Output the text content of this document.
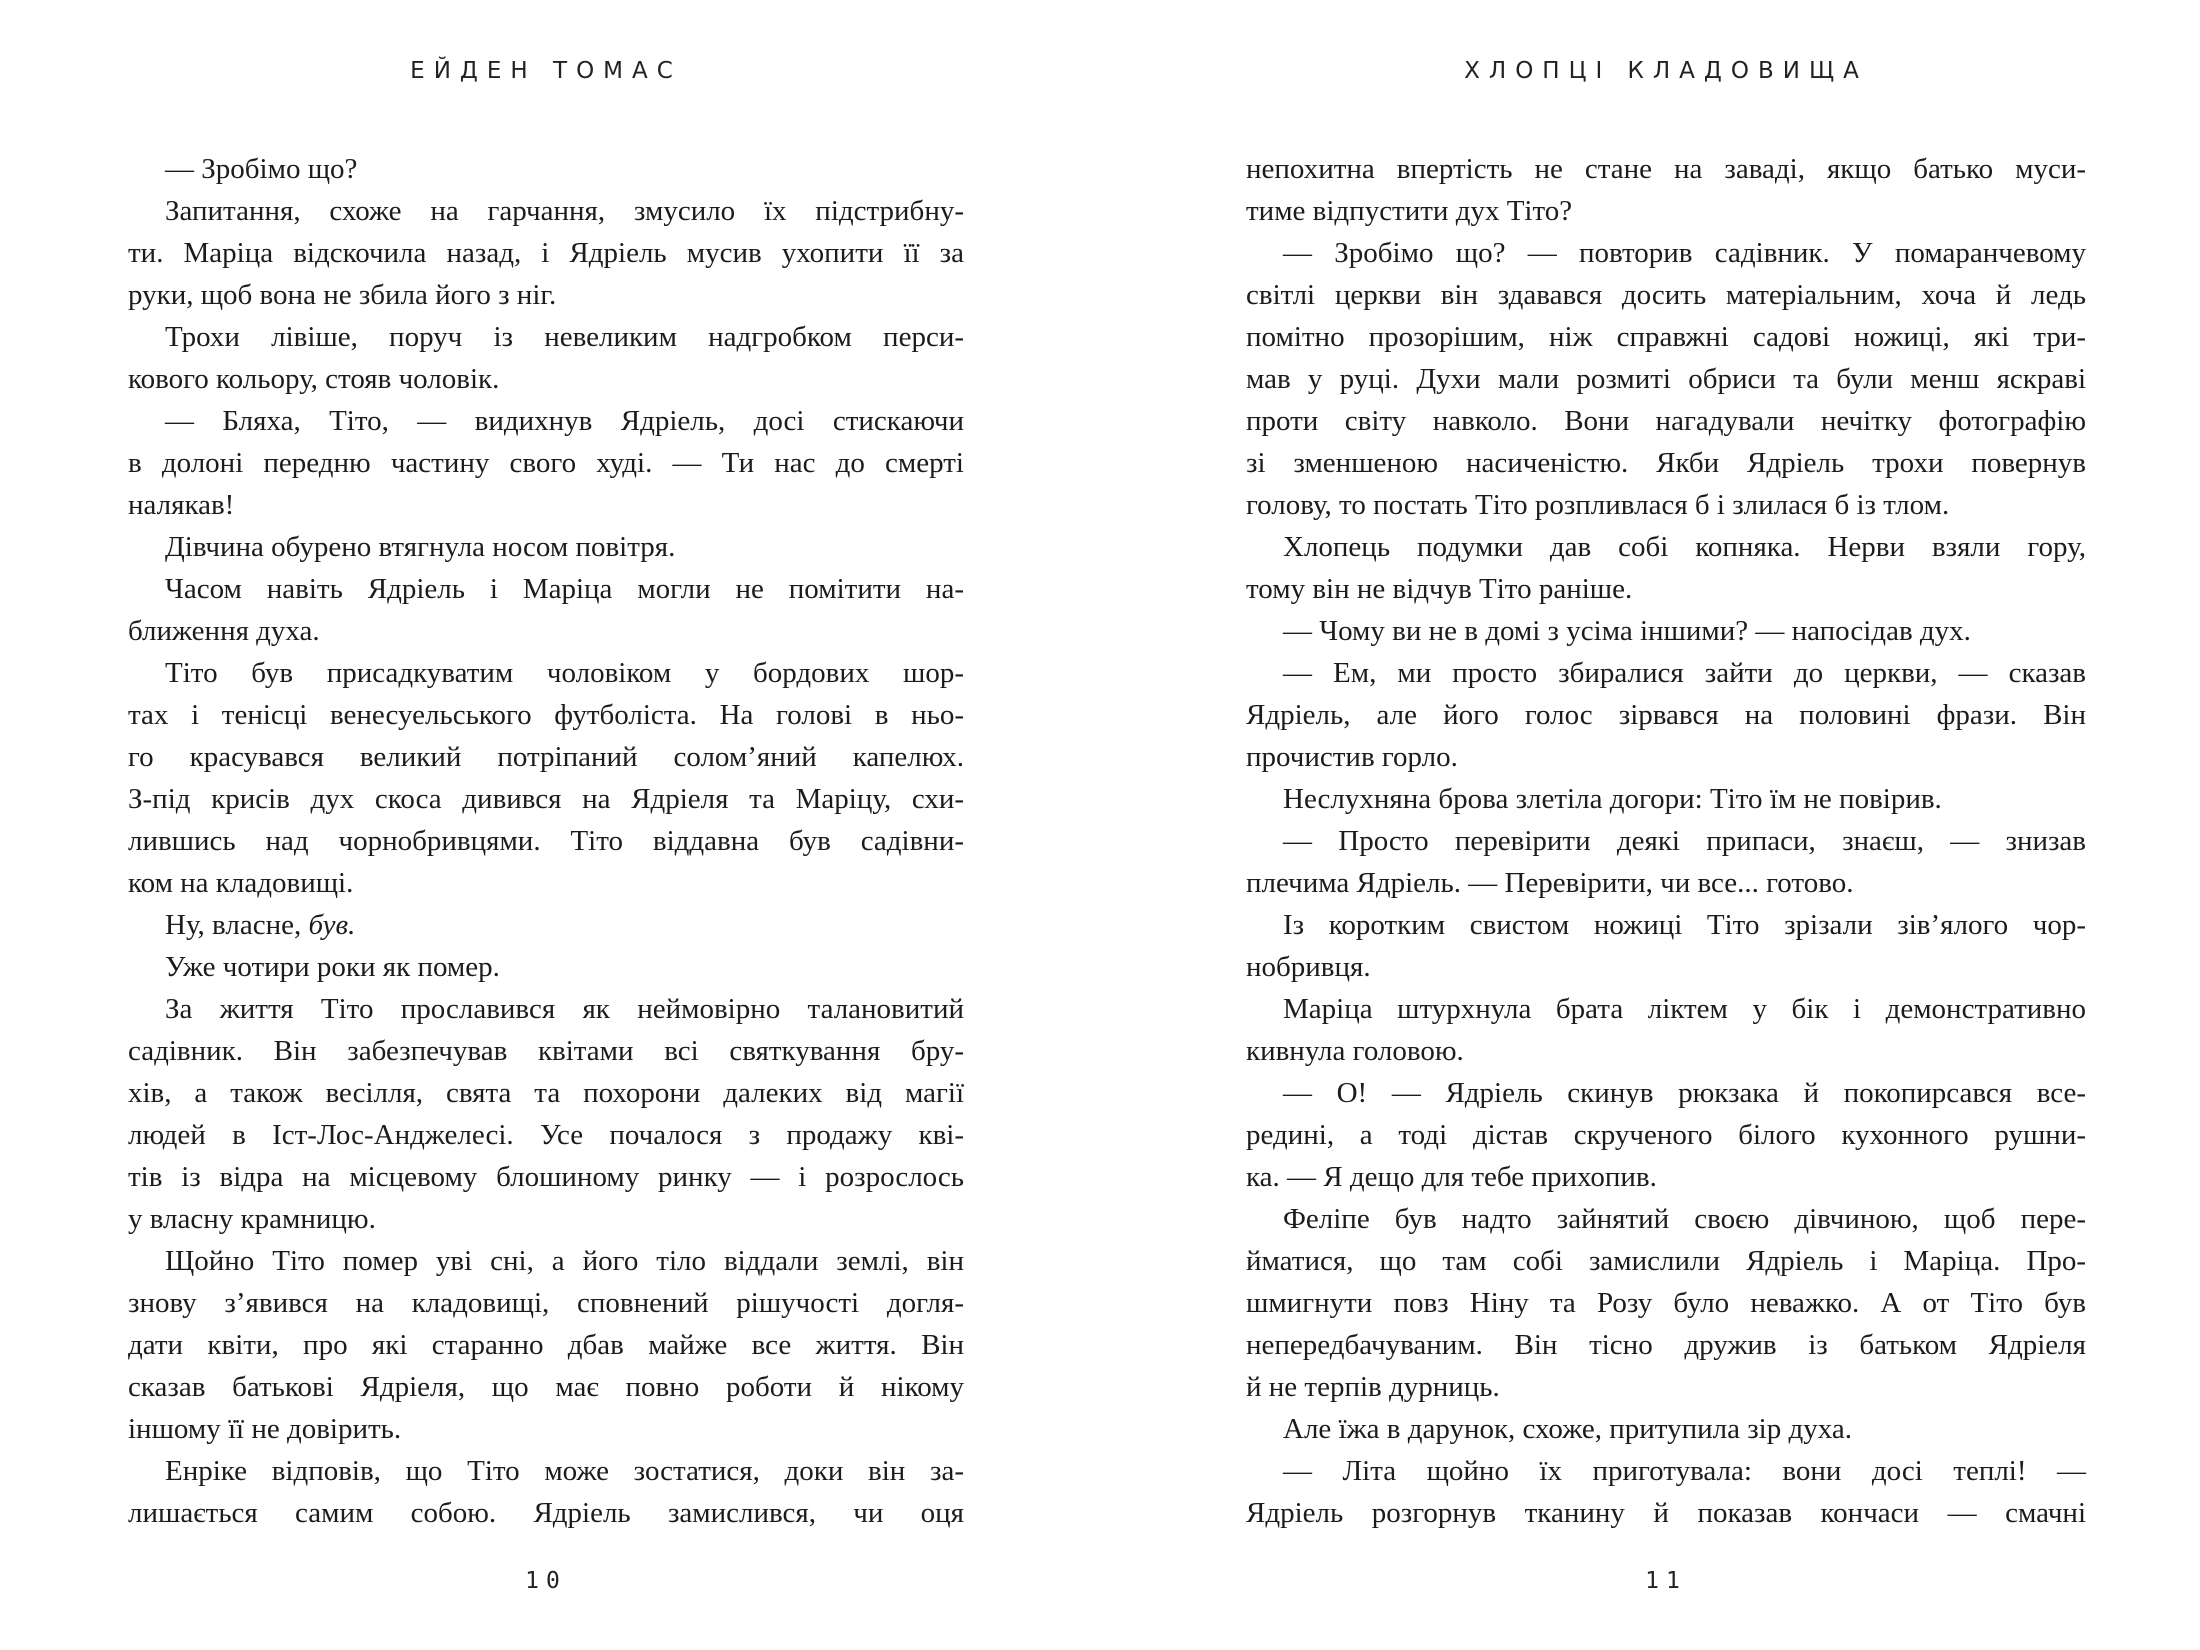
ЕЙДЕН ТОМАС

— Зробімо що?

Запитання, схоже на гарчання, змусило їх підстрибну-
ти. Маріца відскочила назад, і Ядріель мусив ухопити її за
руки, щоб вона не збила його з ніг.

Трохи лівіше, поруч із невеликим надгробком перси-
кового кольору, стояв чоловік.

— Бляха, Тіто, — видихнув Ядріель, досі стискаючи
в долоні передню частину свого худі. — Ти нас до смерті
налякав!

Дівчина обурено втягнула носом повітря.

Часом навіть Ядріель і Маріца могли не помітити на-
ближення духа.

Тіто був присадкуватим чоловіком у бордових шор-
тах і тенісці венесуельського футболіста. На голові в ньо-
го красувався великий потріпаний солом’яний капелюх.
З-під крисів дух скоса дивився на Ядріеля та Маріцу, схи-
лившись над чорнобривцями. Тіто віддавна був садівни-
ком на кладовищі.

Ну, власне, був.

Уже чотири роки як помер.

За життя Тіто прославився як неймовірно талановитий
садівник. Він забезпечував квітами всі святкування бру-
хів, а також весілля, свята та похорони далеких від магії
людей в Іст-Лос-Анджелесі. Усе почалося з продажу кві-
тів із відра на місцевому блошиному ринку — і розрослось
у власну крамницю.

Щойно Тіто помер уві сні, а його тіло віддали землі, він
знову з’явився на кладовищі, сповнений рішучості догля-
дати квіти, про які старанно дбав майже все життя. Він
сказав батькові Ядріеля, що має повно роботи й нікому
іншому її не довірить.

Енріке відповів, що Тіто може зостатися, доки він за-
лишається самим собою. Ядріель замислився, чи оця

10
ХЛОПЦІ КЛАДОВИЩА

непохитна впертість не стане на заваді, якщо батько муси-
тиме відпустити дух Тіто?

— Зробімо що? — повторив садівник. У помаранчевому
світлі церкви він здавався досить матеріальним, хоча й ледь
помітно прозорішим, ніж справжні садові ножиці, які три-
мав у руці. Духи мали розмиті обриси та були менш яскраві
проти світу навколо. Вони нагадували нечітку фотографію
зі зменшеною насиченістю. Якби Ядріель трохи повернув
голову, то постать Тіто розпливлася б і злилася б із тлом.

Хлопець подумки дав собі копняка. Нерви взяли гору,
тому він не відчув Тіто раніше.

— Чому ви не в домі з усіма іншими? — напосідав дух.

— Ем, ми просто збиралися зайти до церкви, — сказав
Ядріель, але його голос зірвався на половині фрази. Він
прочистив горло.

Неслухняна брова злетіла догори: Тіто їм не повірив.

— Просто перевірити деякі припаси, знаєш, — знизав
плечима Ядріель. — Перевірити, чи все... готово.

Із коротким свистом ножиці Тіто зрізали зів’ялого чор-
нобривця.

Маріца штурхнула брата ліктем у бік і демонстративно
кивнула головою.

— О! — Ядріель скинув рюкзака й покопирсався все-
редині, а тоді дістав скрученого білого кухонного рушни-
ка. — Я дещо для тебе прихопив.

Феліпе був надто зайнятий своєю дівчиною, щоб пере-
йматися, що там собі замислили Ядріель і Маріца. Про-
шмигнути повз Ніну та Розу було неважко. А от Тіто був
непередбачуваним. Він тісно дружив із батьком Ядріеля
й не терпів дурниць.

Але їжа в дарунок, схоже, притупила зір духа.

— Літа щойно їх приготувала: вони досі теплі! —
Ядріель розгорнув тканину й показав кончаси — смачні

11
